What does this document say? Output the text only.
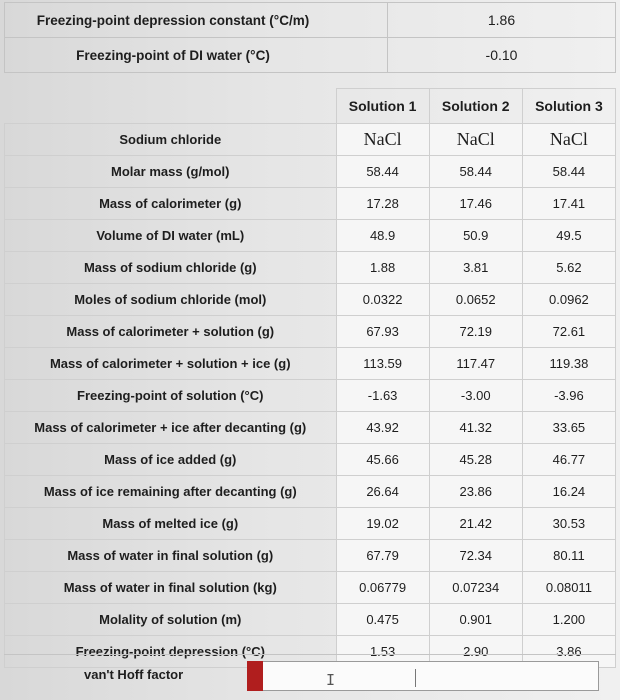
Freezing-point depression constant (°C/m)	1.86
Freezing-point of DI water (°C)	-0.10
	Solution 1	Solution 2	Solution 3
Sodium chloride	NaCl	NaCl	NaCl
Molar mass (g/mol)	58.44	58.44	58.44
Mass of calorimeter (g)	17.28	17.46	17.41
Volume of DI water (mL)	48.9	50.9	49.5
Mass of sodium chloride (g)	1.88	3.81	5.62
Moles of sodium chloride (mol)	0.0322	0.0652	0.0962
Mass of calorimeter + solution (g)	67.93	72.19	72.61
Mass of calorimeter + solution + ice (g)	113.59	117.47	119.38
Freezing-point of solution (°C)	-1.63	-3.00	-3.96
Mass of calorimeter + ice after decanting (g)	43.92	41.32	33.65
Mass of ice added (g)	45.66	45.28	46.77
Mass of ice remaining after decanting (g)	26.64	23.86	16.24
Mass of melted ice (g)	19.02	21.42	30.53
Mass of water in final solution (g)	67.79	72.34	80.11
Mass of water in final solution (kg)	0.06779	0.07234	0.08011
Molality of solution (m)	0.475	0.901	1.200
Freezing-point depression (°C)	1.53	2.90	3.86
van't Hoff factor	I
